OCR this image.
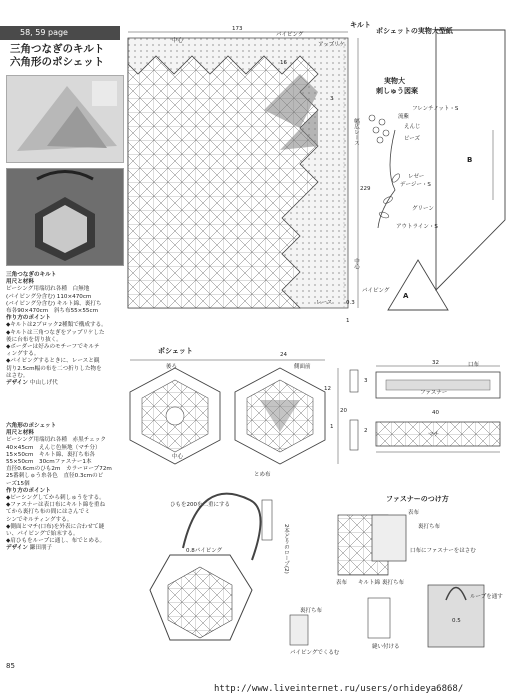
58, 59 page
三角つなぎのキルト
六角形のポシェット
三角つなぎのキルト
用尺と材料
ピーシング用端切れ各種　白無地
(パイピング分含む) 110×470cm
(バイピング分含む) キルト綿、裏打ち
布各90×470cm　斜ち布55×55cm
作り方のポイント
◆キルトは2ブロック2種類で構成する。
◆キルトは三角つなぎをアップリケした
後に台布を切り抜く。
◆ボーダーは好みのモチーフでキルテ
ィングする。
◆パイピングするときに、レースと観
切り2.5cm幅の布を二つ折りした物を
はさむ。
デザイン 中山しげ代
六角形のポシェット
用尺と材料
ピーシング用端切れ各種　赤黒チェック
40×45cm　えんじ色無地（マチ分）
15×50cm　キルト綿、裏打ち布各
55×50cm　30cmファスナー1本
直径0.6cmのひも2m　カラーロープ72m
25番刺しゅう糸各色　直径0.3cmのビ
ーズ15個
作り方のポイント
◆ピーシングしてから刺しゅうをする。
◆ファスナーは表口布にキルト綿を重ね
てから裏打ち布の間にはさんでミ
シンでキルティングする。
◆側面とマチ(口布)を外表に合わせて縫
い、パイピングで始末する。
◆肩ひもをループに通し、布でとめる。
デザイン 鎌田朋子
キルト
173
中心
パイピング
アップリケ
16
3
幅広レース
229
中心
レース
パイピング
0.3
1
ポシェットの実物大型紙
実物大
刺しゅう図案
フレンチノット・S
流紫
えんじ
ビーズ
レゼー
デージー・S
グリーン
アウトライン・S
A
B
ポシェット
後ろ	側面前
24
20
12
中心
1
口布
32
40
ファスナー
マチ
3
2
ひもを200を二重にする
0.8パイピング
とめ布
裏打ち布
パイピングでくるむ
2本どりのロープ(2)
ファスナーのつけ方
表布
裏打ち布
口布にファスナーをはさむ
表布 キルト綿 裏打ち布
ループを通す
縫い付ける
0.5
85
http://www.liveinternet.ru/users/orhideya6868/
